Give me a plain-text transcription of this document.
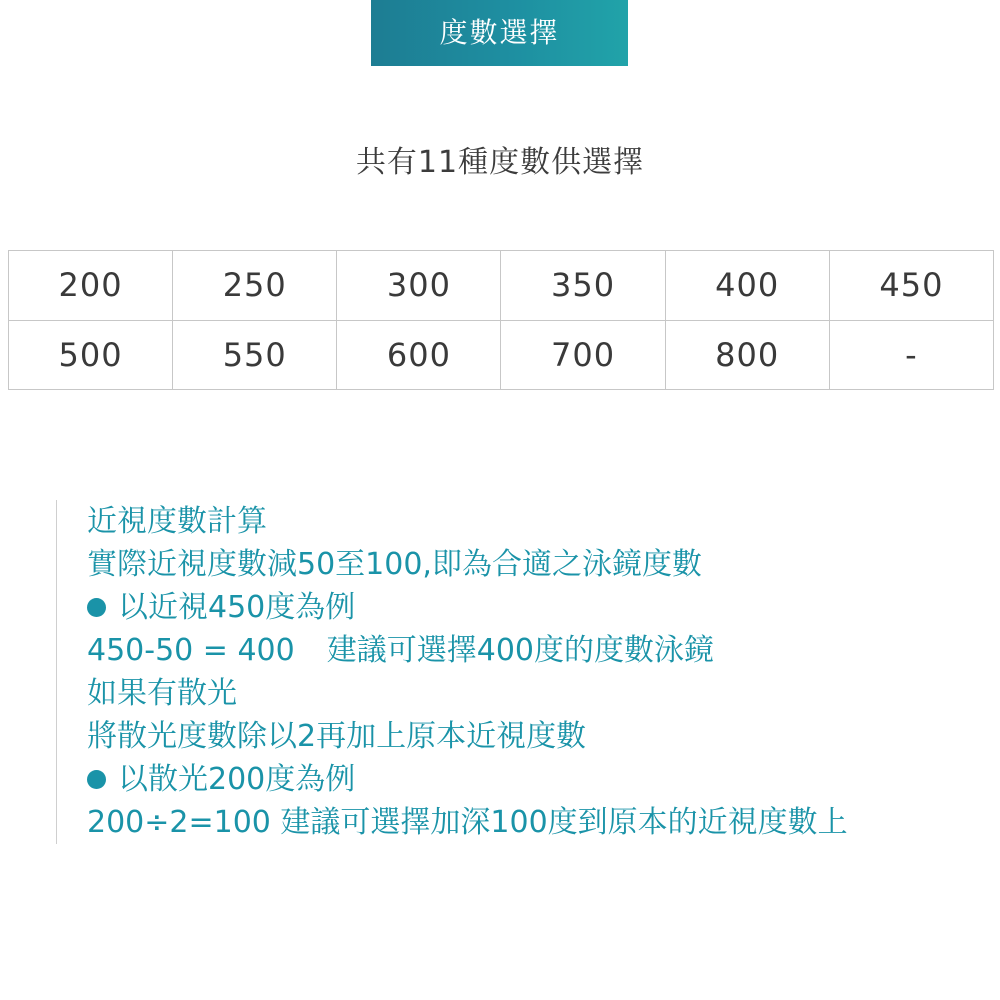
度數選擇
共有11種度數供選擇
200	250	300	350	400	450
500	550	600	700	800	-
近視度數計算
實際近視度數減50至100,即為合適之泳鏡度數
以近視450度為例
450-50 = 400 建議可選擇400度的度數泳鏡
如果有散光
將散光度數除以2再加上原本近視度數
以散光200度為例
200÷2=100 建議可選擇加深100度到原本的近視度數上
